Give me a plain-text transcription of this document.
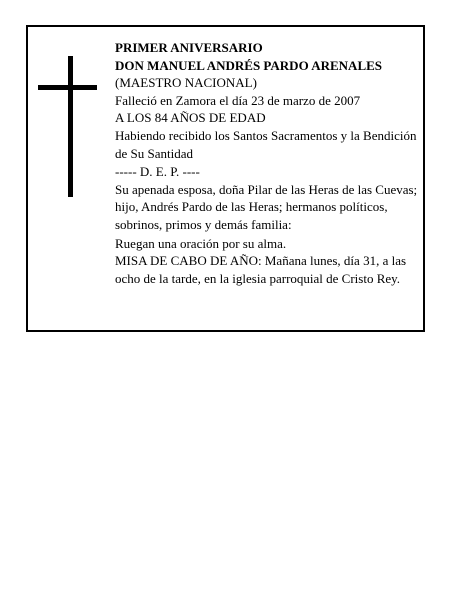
PRIMER ANIVERSARIO
DON MANUEL ANDRÉS PARDO ARENALES
(MAESTRO NACIONAL)
Falleció en Zamora el día 23 de marzo de 2007
A LOS 84 AÑOS DE EDAD
Habiendo recibido los Santos Sacramentos y la Bendición de Su Santidad
----- D. E. P. ----
Su apenada esposa, doña Pilar de las Heras de las Cuevas; hijo, Andrés Pardo de las Heras; hermanos políticos, sobrinos, primos y demás familia:
Ruegan una oración por su alma.
MISA DE CABO DE AÑO: Mañana lunes, día 31, a las ocho de la tarde, en la iglesia parroquial de Cristo Rey.
